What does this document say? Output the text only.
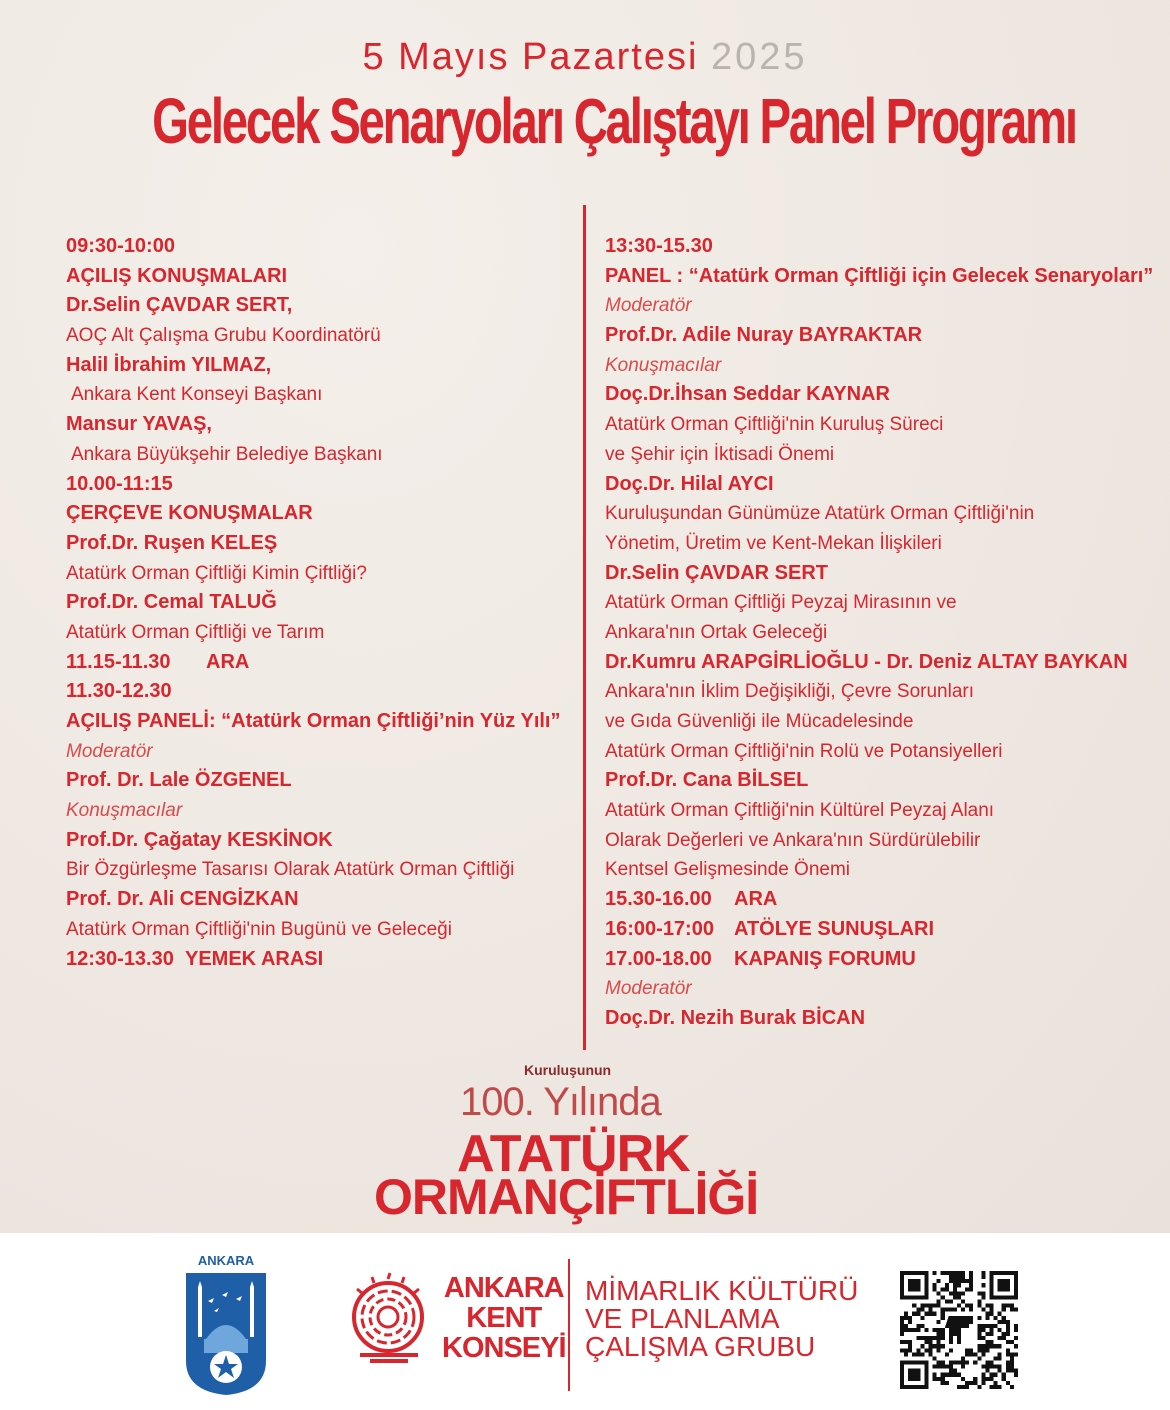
5 Mayıs Pazartesi 2025
Gelecek Senaryoları Çalıştayı Panel Programı
09:30-10:00
AÇILIŞ KONUŞMALARI
Dr.Selin ÇAVDAR SERT,
AOÇ Alt Çalışma Grubu Koordinatörü
Halil İbrahim YILMAZ,
Ankara Kent Konseyi Başkanı
Mansur YAVAŞ,
Ankara Büyükşehir Belediye Başkanı
10.00-11:15
ÇERÇEVE KONUŞMALAR
Prof.Dr. Ruşen KELEŞ
Atatürk Orman Çiftliği Kimin Çiftliği?
Prof.Dr. Cemal TALUĞ
Atatürk Orman Çiftliği ve Tarım
11.15-11.30 ARA
11.30-12.30
AÇILIŞ PANELİ: “Atatürk Orman Çiftliği’nin Yüz Yılı”
Moderatör
Prof. Dr. Lale ÖZGENEL
Konuşmacılar
Prof.Dr. Çağatay KESKİNOK
Bir Özgürleşme Tasarısı Olarak Atatürk Orman Çiftliği
Prof. Dr. Ali CENGİZKAN
Atatürk Orman Çiftliği'nin Bugünü ve Geleceği
12:30-13.30 YEMEK ARASI
13:30-15.30
PANEL : “Atatürk Orman Çiftliği için Gelecek Senaryoları”
Moderatör
Prof.Dr. Adile Nuray BAYRAKTAR
Konuşmacılar
Doç.Dr.İhsan Seddar KAYNAR
Atatürk Orman Çiftliği'nin Kuruluş Süreci
ve Şehir için İktisadi Önemi
Doç.Dr. Hilal AYCI
Kuruluşundan Günümüze Atatürk Orman Çiftliği'nin
Yönetim, Üretim ve Kent-Mekan İlişkileri
Dr.Selin ÇAVDAR SERT
Atatürk Orman Çiftliği Peyzaj Mirasının ve
Ankara'nın Ortak Geleceği
Dr.Kumru ARAPGİRLİOĞLU - Dr. Deniz ALTAY BAYKAN
Ankara'nın İklim Değişikliği, Çevre Sorunları
ve Gıda Güvenliği ile Mücadelesinde
Atatürk Orman Çiftliği'nin Rolü ve Potansiyelleri
Prof.Dr. Cana BİLSEL
Atatürk Orman Çiftliği'nin Kültürel Peyzaj Alanı
Olarak Değerleri ve Ankara'nın Sürdürülebilir
Kentsel Gelişmesinde Önemi
15.30-16.00 ARA
16:00-17:00 ATÖLYE SUNUŞLARI
17.00-18.00 KAPANIŞ FORUMU
Moderatör
Doç.Dr. Nezih Burak BİCAN
Kuruluşunun
100. Yılında
ATATÜRK
ORMANÇİFTLİĞİ
ANKARA
ANKARA
KENT
KONSEYİ
MİMARLIK KÜLTÜRÜ
VE PLANLAMA
ÇALIŞMA GRUBU
